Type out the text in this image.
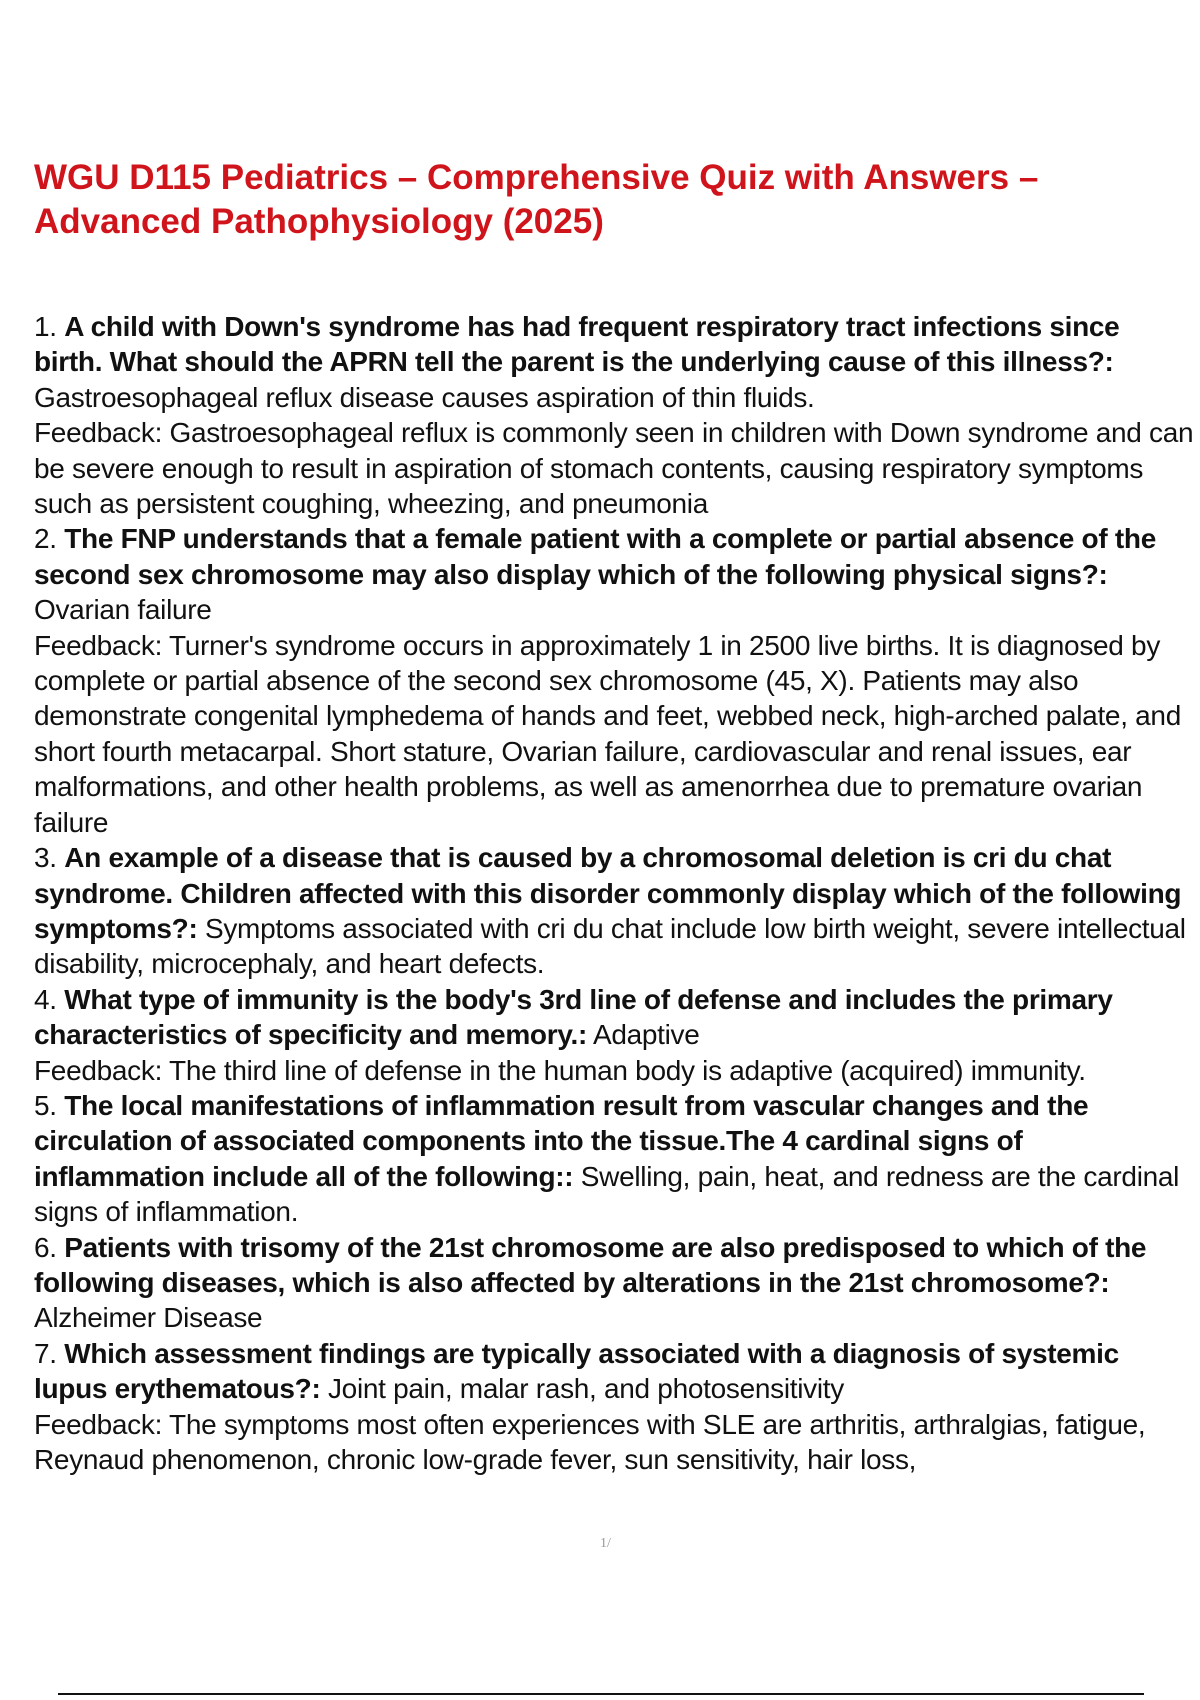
WGU D115 Pediatrics – Comprehensive Quiz with Answers – Advanced Pathophysiology (2025)

1. A child with Down's syndrome has had frequent respiratory tract infections since birth. What should the APRN tell the parent is the underlying cause of this illness?: Gastroesophageal reflux disease causes aspiration of thin fluids.

Feedback: Gastroesophageal reflux is commonly seen in children with Down syndrome and can be severe enough to result in aspiration of stomach contents, causing respiratory symptoms such as persistent coughing, wheezing, and pneumonia

2. The FNP understands that a female patient with a complete or partial absence of the second sex chromosome may also display which of the following physical signs?: Ovarian failure

Feedback: Turner's syndrome occurs in approximately 1 in 2500 live births. It is diagnosed by complete or partial absence of the second sex chromosome (45, X). Patients may also demonstrate congenital lymphedema of hands and feet, webbed neck, high-arched palate, and short fourth metacarpal. Short stature, Ovarian failure, cardiovascular and renal issues, ear malformations, and other health problems, as well as amenorrhea due to premature ovarian failure

3. An example of a disease that is caused by a chromosomal deletion is cri du chat syndrome. Children affected with this disorder commonly display which of the following symptoms?: Symptoms associated with cri du chat include low birth weight, severe intellectual disability, microcephaly, and heart defects.

4. What type of immunity is the body's 3rd line of defense and includes the primary characteristics of specificity and memory.: Adaptive

Feedback: The third line of defense in the human body is adaptive (acquired) immunity.

5. The local manifestations of inflammation result from vascular changes and the circulation of associated components into the tissue.The 4 cardinal signs of inflammation include all of the following:: Swelling, pain, heat, and redness are the cardinal signs of inflammation.

6. Patients with trisomy of the 21st chromosome are also predisposed to which of the following diseases, which is also affected by alterations in the 21st chromosome?: Alzheimer Disease

7. Which assessment findings are typically associated with a diagnosis of systemic lupus erythematous?: Joint pain, malar rash, and photosensitivity

Feedback: The symptoms most often experiences with SLE are arthritis, arthralgias, fatigue, Reynaud phenomenon, chronic low-grade fever, sun sensitivity, hair loss,

1/
